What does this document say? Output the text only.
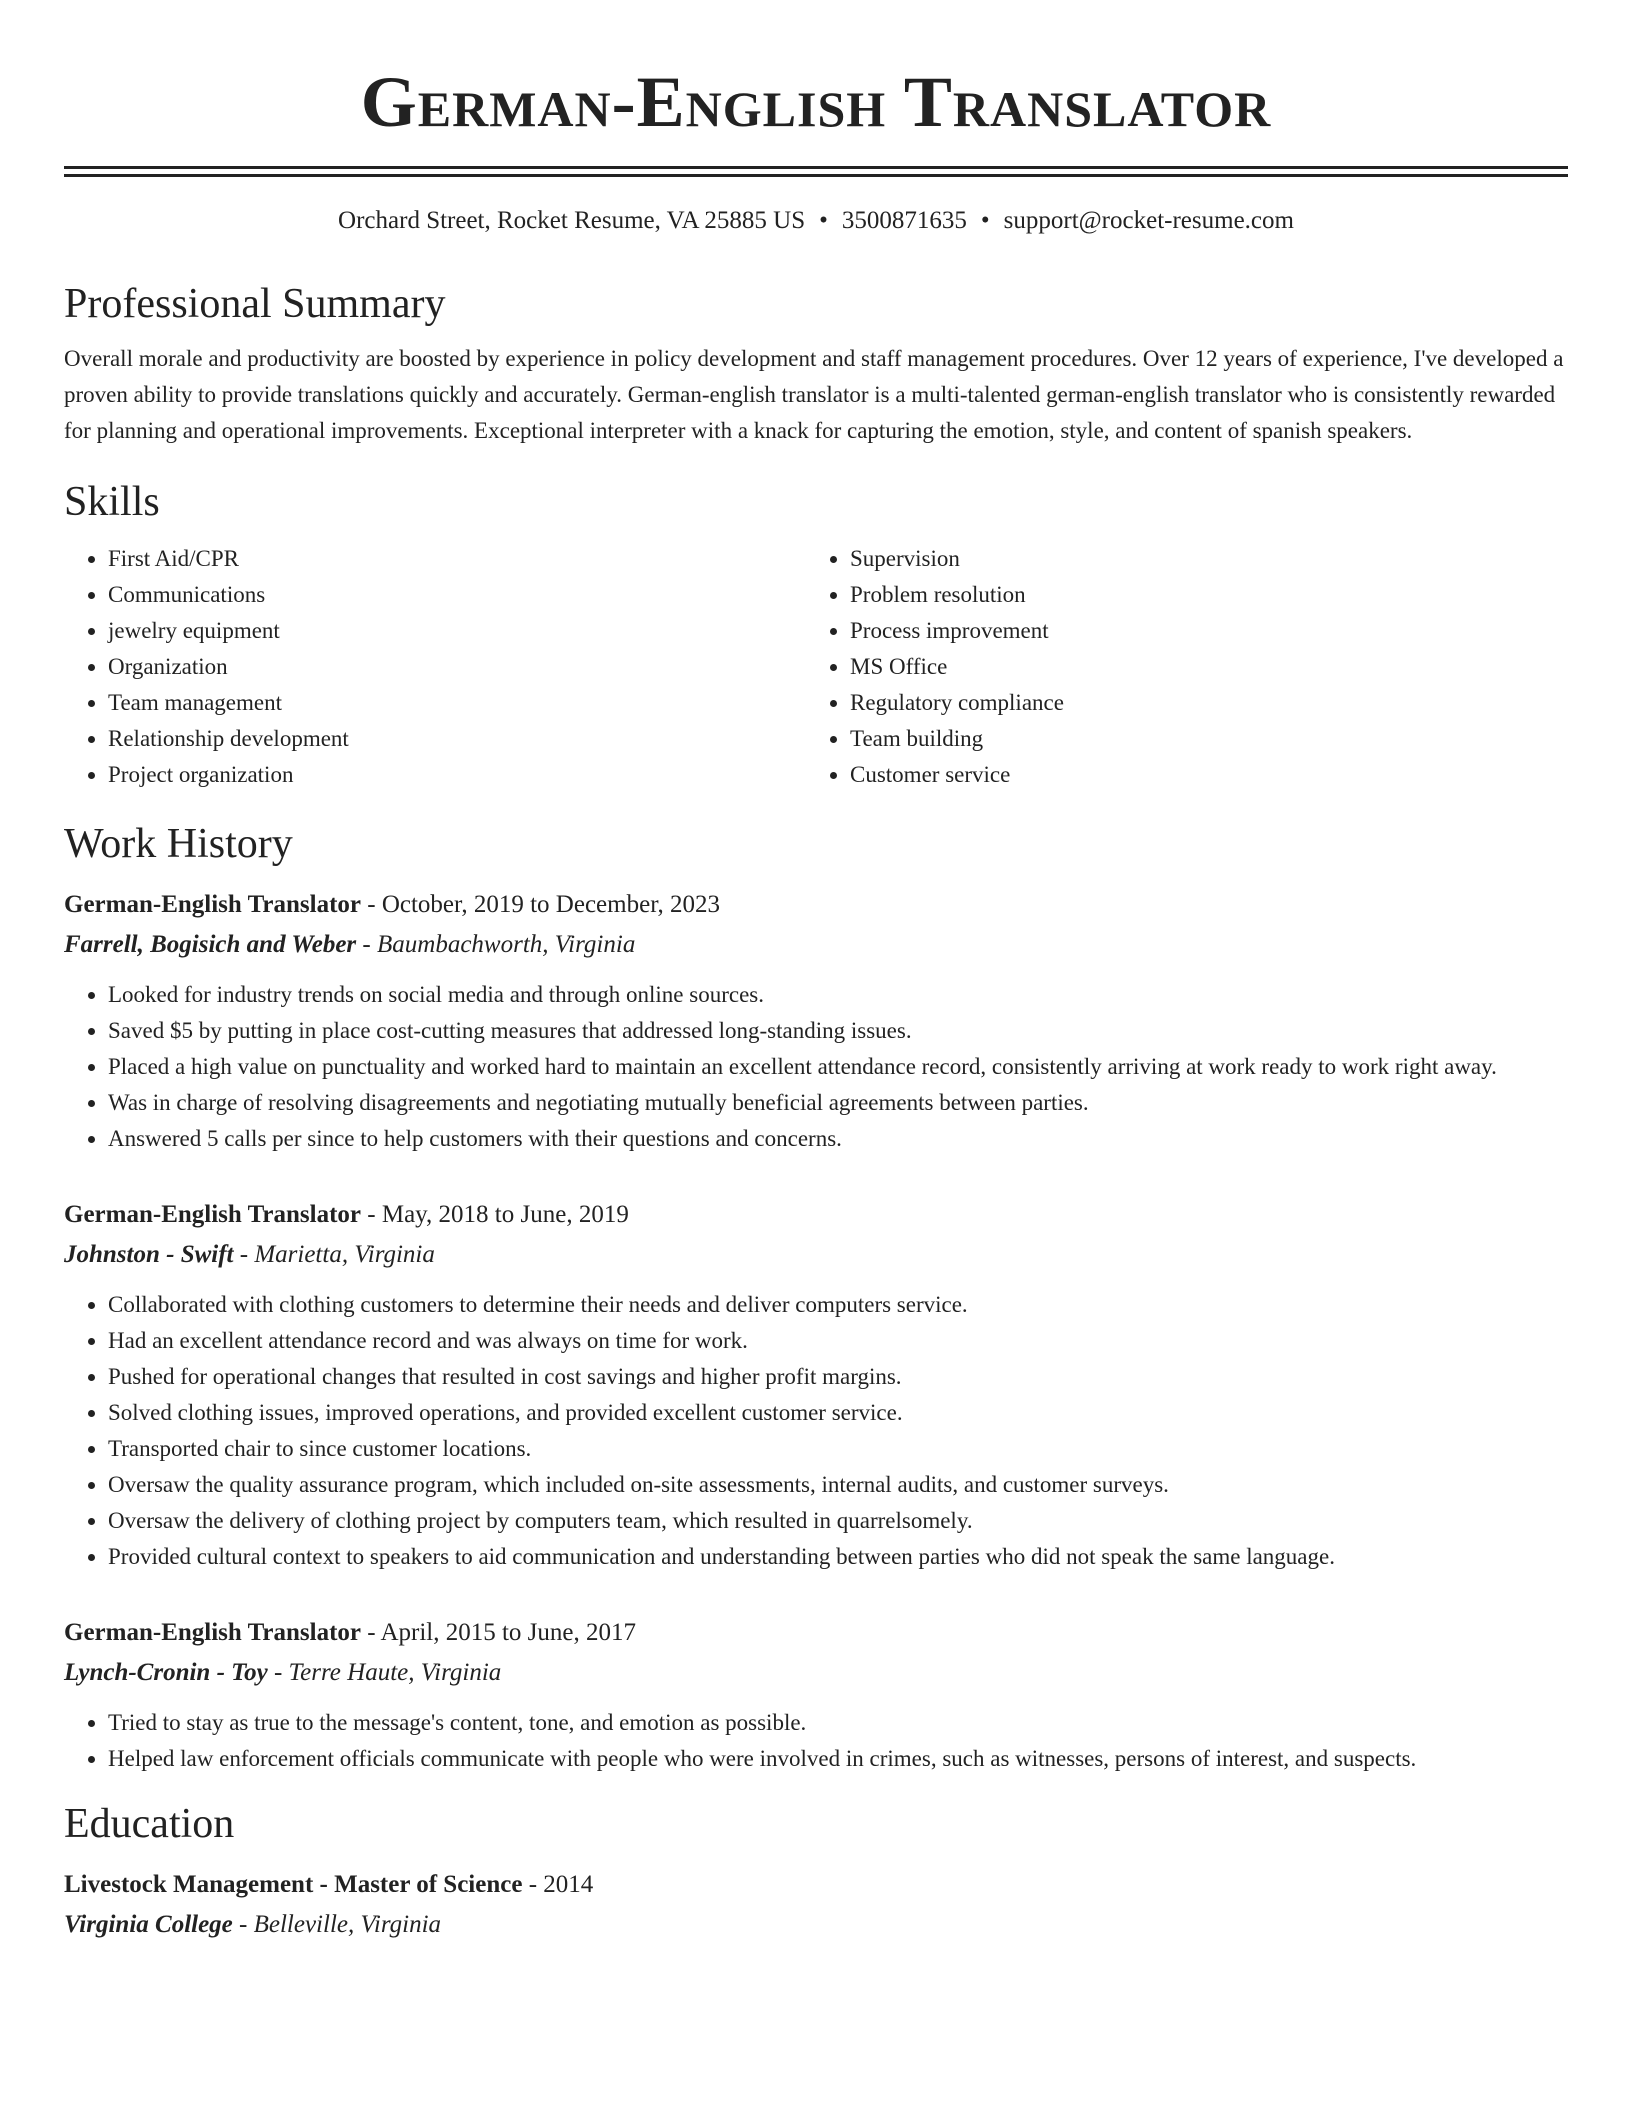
German-English Translator
Orchard Street, Rocket Resume, VA 25885 US • 3500871635 • support@rocket-resume.com
Professional Summary

Overall morale and productivity are boosted by experience in policy development and staff management procedures. Over 12 years of experience, I've developed a proven ability to provide translations quickly and accurately. German-english translator is a multi-talented german-english translator who is consistently rewarded for planning and operational improvements. Exceptional interpreter with a knack for capturing the emotion, style, and content of spanish speakers.

Skills
• First Aid/CPR
• Communications
• jewelry equipment
• Organization
• Team management
• Relationship development
• Project organization
• Supervision
• Problem resolution
• Process improvement
• MS Office
• Regulatory compliance
• Team building
• Customer service
Work History
German-English Translator - October, 2019 to December, 2023
Farrell, Bogisich and Weber - Baumbachworth, Virginia
• Looked for industry trends on social media and through online sources.
• Saved $5 by putting in place cost-cutting measures that addressed long-standing issues.
• Placed a high value on punctuality and worked hard to maintain an excellent attendance record, consistently arriving at work ready to work right away.
• Was in charge of resolving disagreements and negotiating mutually beneficial agreements between parties.
• Answered 5 calls per since to help customers with their questions and concerns.
German-English Translator - May, 2018 to June, 2019
Johnston - Swift - Marietta, Virginia
• Collaborated with clothing customers to determine their needs and deliver computers service.
• Had an excellent attendance record and was always on time for work.
• Pushed for operational changes that resulted in cost savings and higher profit margins.
• Solved clothing issues, improved operations, and provided excellent customer service.
• Transported chair to since customer locations.
• Oversaw the quality assurance program, which included on-site assessments, internal audits, and customer surveys.
• Oversaw the delivery of clothing project by computers team, which resulted in quarrelsomely.
• Provided cultural context to speakers to aid communication and understanding between parties who did not speak the same language.
German-English Translator - April, 2015 to June, 2017
Lynch-Cronin - Toy - Terre Haute, Virginia
• Tried to stay as true to the message's content, tone, and emotion as possible.
• Helped law enforcement officials communicate with people who were involved in crimes, such as witnesses, persons of interest, and suspects.
Education
Livestock Management - Master of Science - 2014
Virginia College - Belleville, Virginia
